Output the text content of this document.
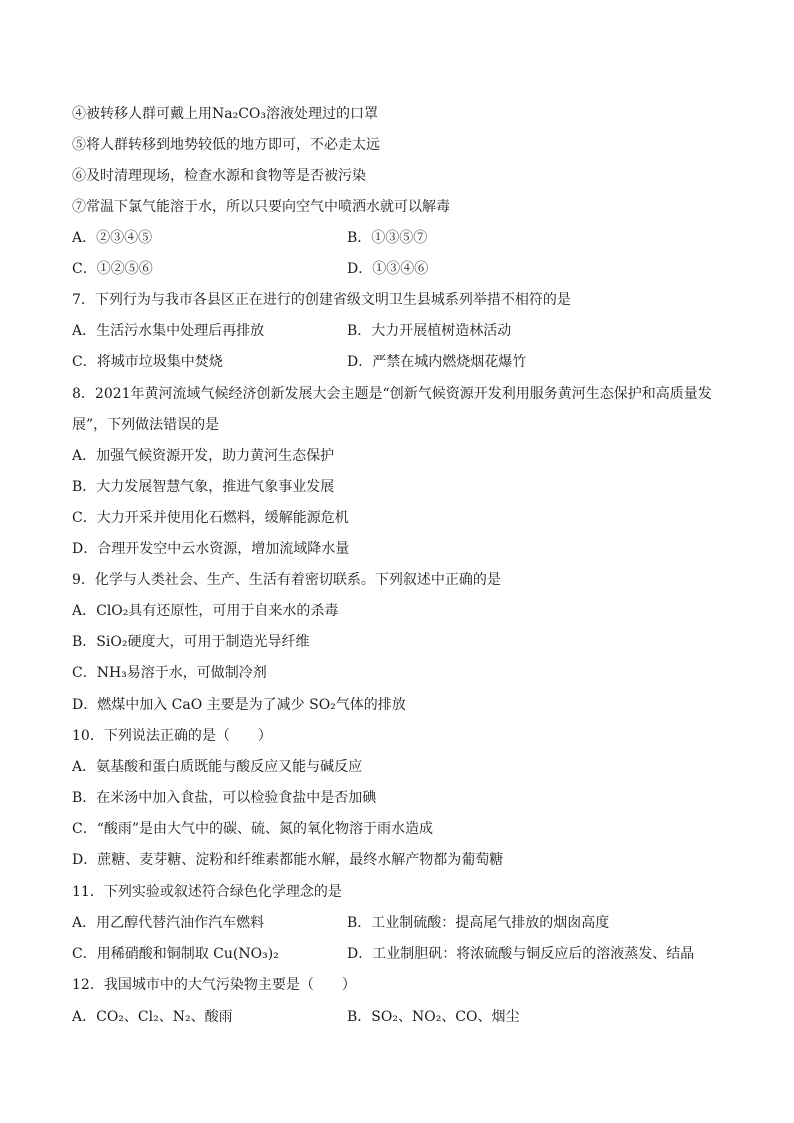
④被转移人群可戴上用Na₂CO₃溶液处理过的口罩
⑤将人群转移到地势较低的地方即可，不必走太远
⑥及时清理现场，检查水源和食物等是否被污染
⑦常温下氯气能溶于水，所以只要向空气中喷洒水就可以解毒
A．②③④⑤	B．①③⑤⑦
C．①②⑤⑥	D．①③④⑥
7．下列行为与我市各县区正在进行的创建省级文明卫生县城系列举措不相符的是
A．生活污水集中处理后再排放	B．大力开展植树造林活动
C．将城市垃圾集中焚烧	D．严禁在城内燃烧烟花爆竹
8．2021年黄河流域气候经济创新发展大会主题是“创新气候资源开发利用服务黄河生态保护和高质量发
展”，下列做法错误的是
A．加强气候资源开发，助力黄河生态保护
B．大力发展智慧气象，推进气象事业发展
C．大力开采并使用化石燃料，缓解能源危机
D．合理开发空中云水资源，增加流域降水量
9．化学与人类社会、生产、生活有着密切联系。下列叙述中正确的是
A．ClO₂具有还原性，可用于自来水的杀毒
B．SiO₂硬度大，可用于制造光导纤维
C．NH₃易溶于水，可做制冷剂
D．燃煤中加入 CaO 主要是为了减少 SO₂气体的排放
10．下列说法正确的是（　　）
A．氨基酸和蛋白质既能与酸反应又能与碱反应
B．在米汤中加入食盐，可以检验食盐中是否加碘
C．“酸雨”是由大气中的碳、硫、氮的氧化物溶于雨水造成
D．蔗糖、麦芽糖、淀粉和纤维素都能水解，最终水解产物都为葡萄糖
11．下列实验或叙述符合绿色化学理念的是
A．用乙醇代替汽油作汽车燃料	B．工业制硫酸：提高尾气排放的烟囱高度
C．用稀硝酸和铜制取 Cu(NO₃)₂	D．工业制胆矾：将浓硫酸与铜反应后的溶液蒸发、结晶
12．我国城市中的大气污染物主要是（　　）
A．CO₂、Cl₂、N₂、酸雨	B．SO₂、NO₂、CO、烟尘
